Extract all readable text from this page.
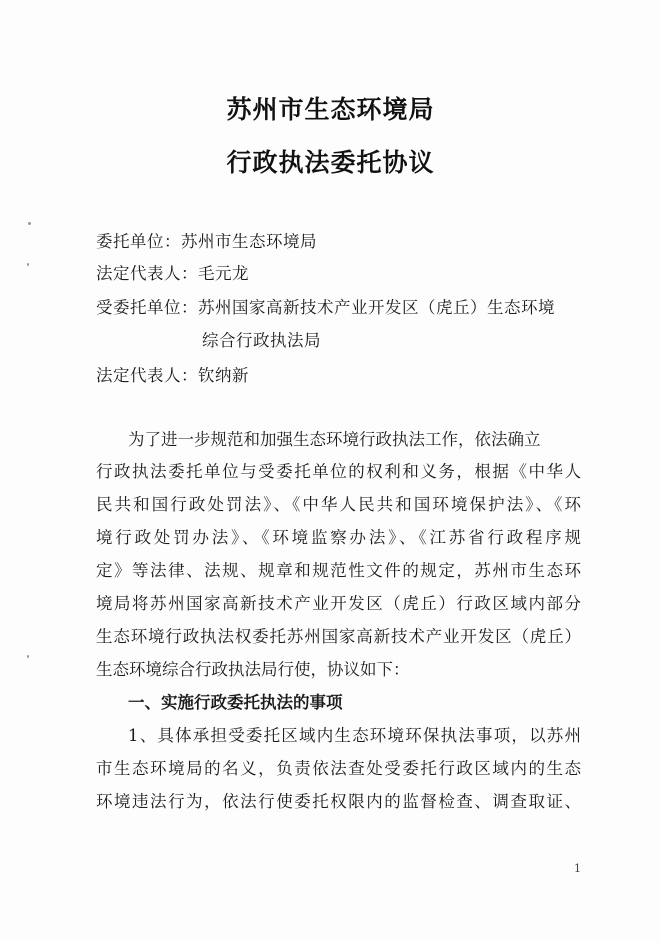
苏州市生态环境局
行政执法委托协议
委托单位：苏州市生态环境局
法定代表人：毛元龙
受委托单位：苏州国家高新技术产业开发区（虎丘）生态环境
综合行政执法局
法定代表人：钦纳新
为了进一步规范和加强生态环境行政执法工作，依法确立
行政执法委托单位与受委托单位的权利和义务，根据《中华人
民共和国行政处罚法》、《中华人民共和国环境保护法》、《环
境行政处罚办法》、《环境监察办法》、《江苏省行政程序规
定》等法律、法规、规章和规范性文件的规定，苏州市生态环
境局将苏州国家高新技术产业开发区（虎丘）行政区域内部分
生态环境行政执法权委托苏州国家高新技术产业开发区（虎丘）
生态环境综合行政执法局行使，协议如下：
一、实施行政委托执法的事项
1、具体承担受委托区域内生态环境环保执法事项，以苏州
市生态环境局的名义，负责依法查处受委托行政区域内的生态
环境违法行为，依法行使委托权限内的监督检查、调查取证、
1
